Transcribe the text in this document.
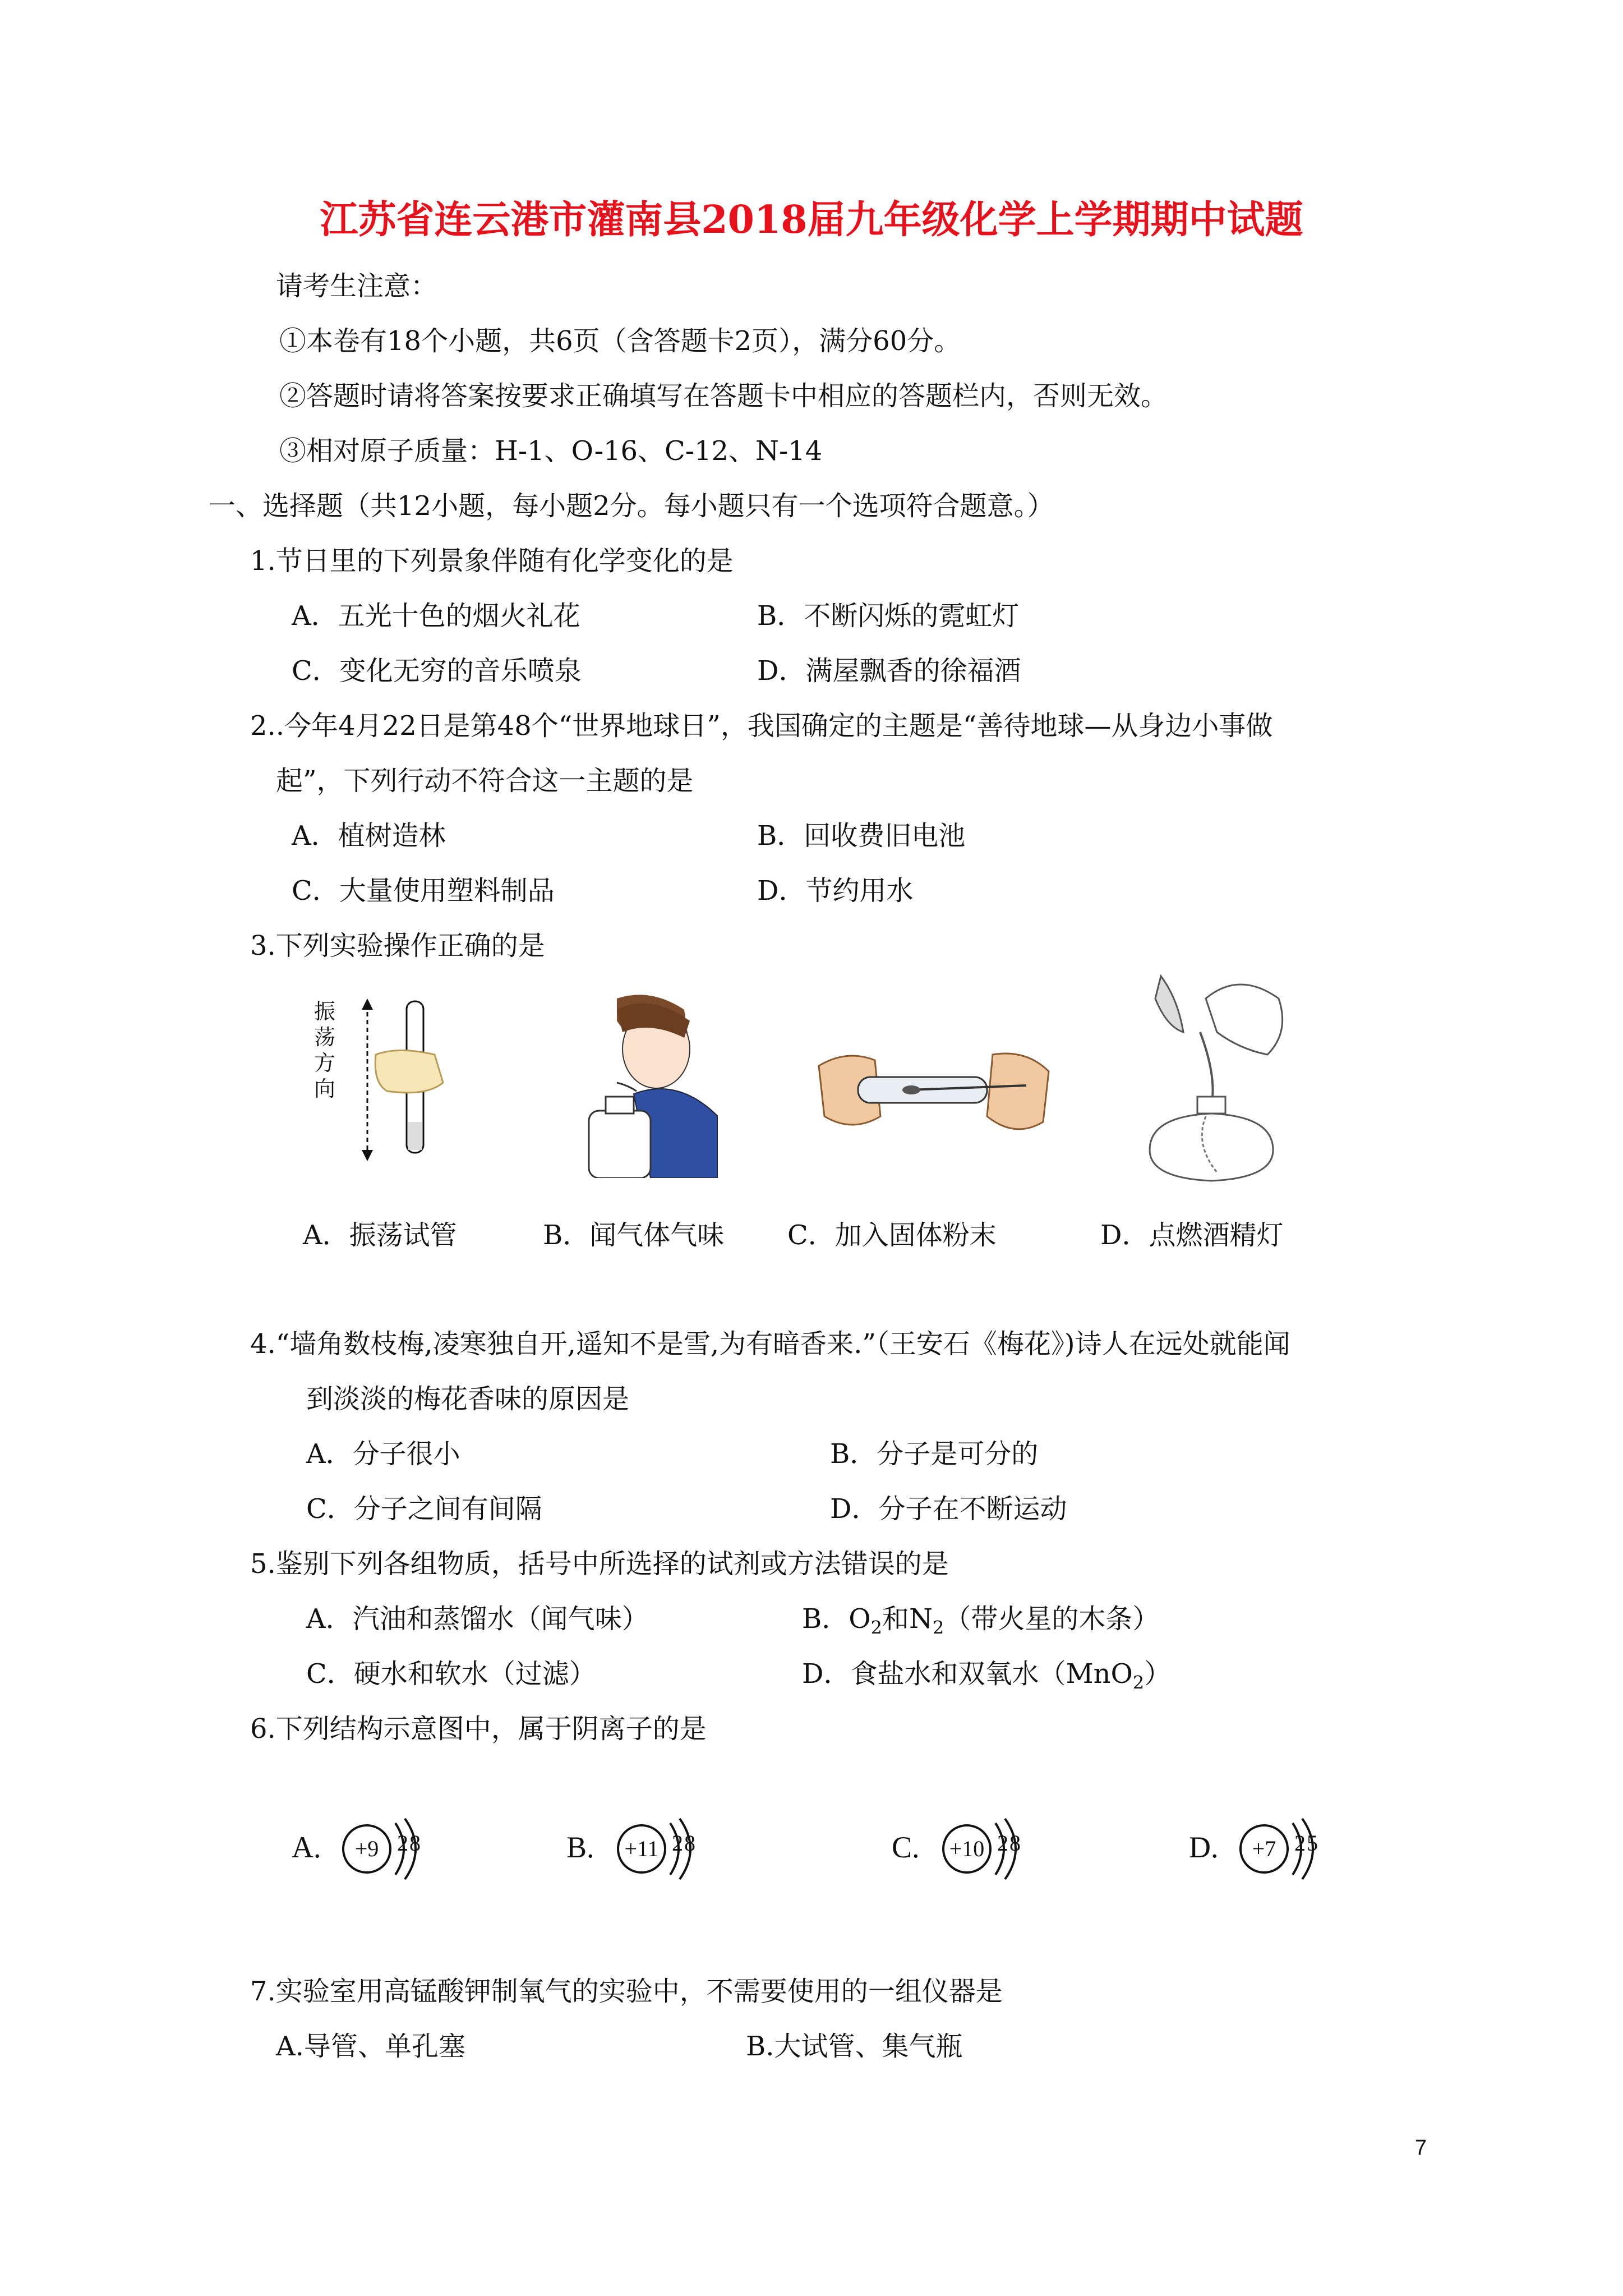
江苏省连云港市灌南县2018届九年级化学上学期期中试题
请考生注意：
①本卷有18个小题，共6页（含答题卡2页），满分60分。
②答题时请将答案按要求正确填写在答题卡中相应的答题栏内，否则无效。
③相对原子质量：H-1、O-16、C-12、N-14
一、选择题（共12小题，每小题2分。每小题只有一个选项符合题意。）
1.节日里的下列景象伴随有化学变化的是
A．五光十色的烟火礼花	B．不断闪烁的霓虹灯
C．变化无穷的音乐喷泉	D．满屋飘香的徐福酒
2..今年4月22日是第48个“世界地球日”，我国确定的主题是“善待地球—从身边小事做
起”，下列行动不符合这一主题的是
A．植树造林	B．回收费旧电池
C．大量使用塑料制品	D．节约用水
3.下列实验操作正确的是
振荡方向
A．振荡试管	B．闻气体气味 C．加入固体粉末	D．点燃酒精灯
4.“墙角数枝梅,凌寒独自开,遥知不是雪,为有暗香来.”（王安石《梅花》)诗人在远处就能闻
到淡淡的梅花香味的原因是
A．分子很小	B．分子是可分的
C．分子之间有间隔	D．分子在不断运动
5.鉴别下列各组物质，括号中所选择的试剂或方法错误的是
A．汽油和蒸馏水（闻气味）	B．$O_2$和$N_2$（带火星的木条）
C．硬水和软水（过滤）	D．食盐水和双氧水（MnO$_2$）
6.下列结构示意图中，属于阴离子的是
A.	+9 2 8	B.	+11 2 8	C.	+10 2 8	D.	+7 2 5
7.实验室用高锰酸钾制氧气的实验中，不需要使用的一组仪器是
A.导管、单孔塞	B.大试管、集气瓶
7
